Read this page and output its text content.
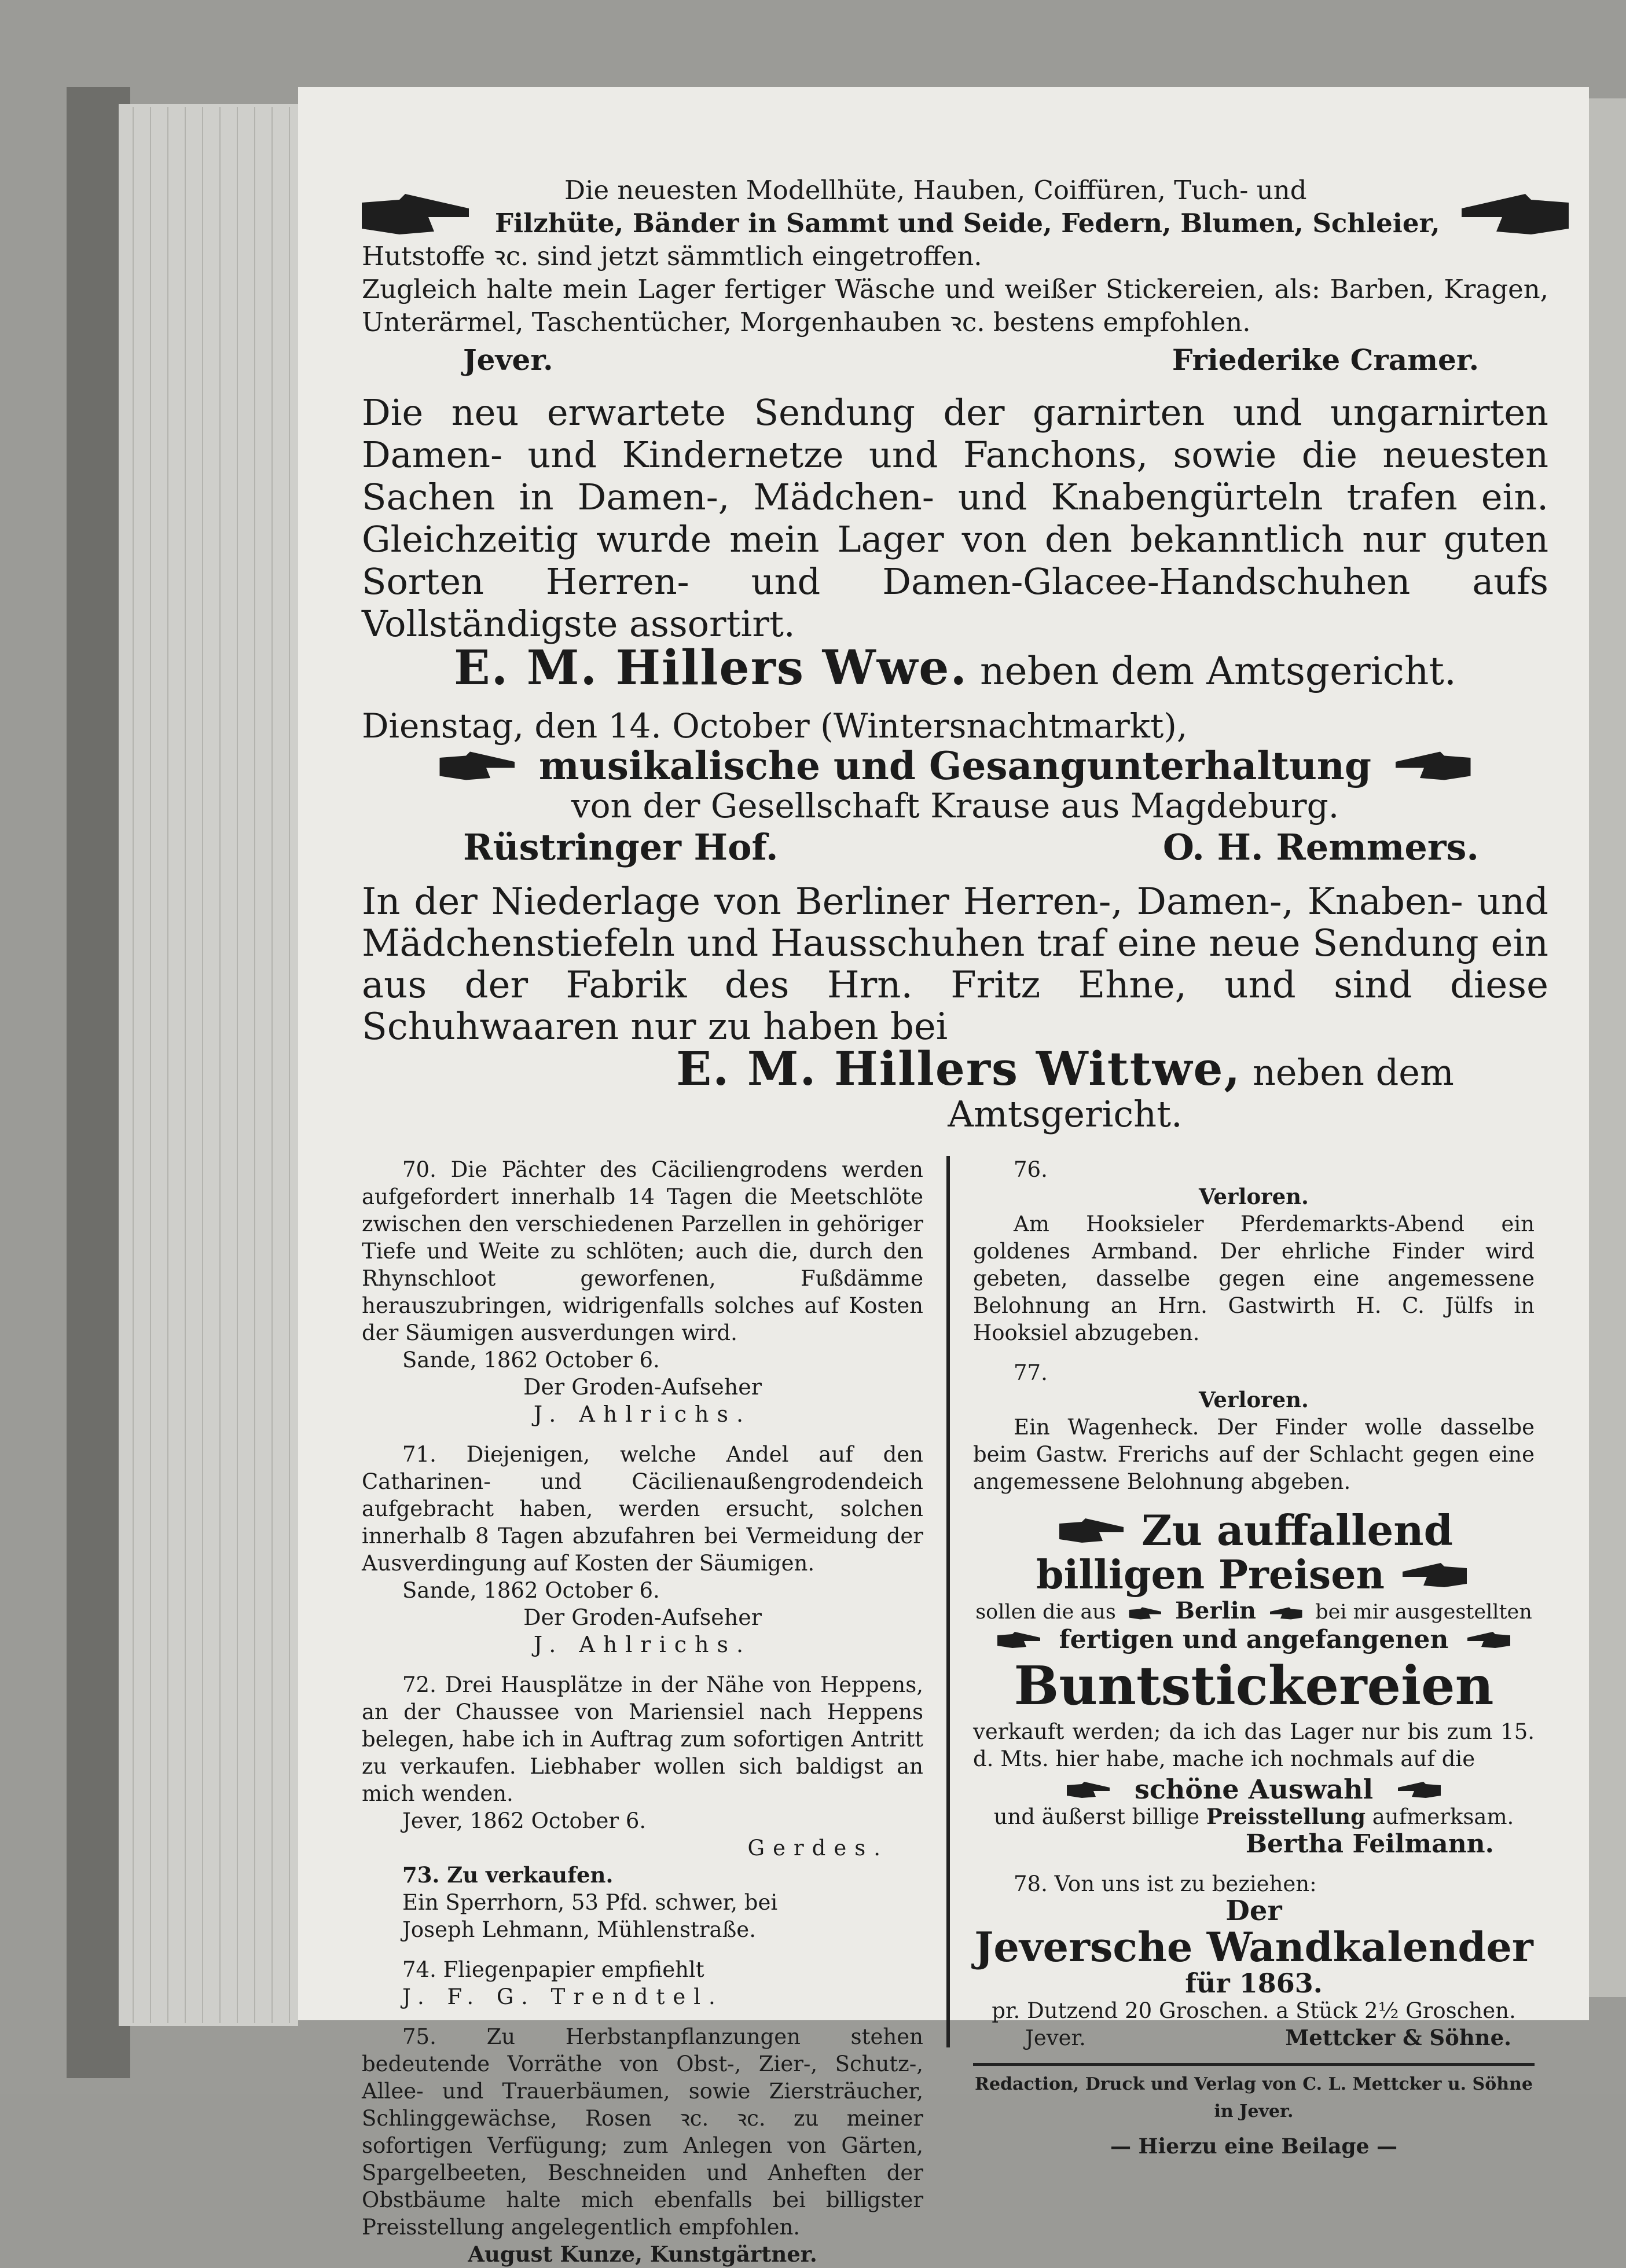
Die neuesten Modellhüte, Hauben, Coiffüren, Tuch- und
Filzhüte, Bänder in Sammt und Seide, Federn, Blumen, Schleier,
Hutstoffe ꝛc. sind jetzt sämmtlich eingetroffen.
Zugleich halte mein Lager fertiger Wäsche und weißer Stickereien, als: Barben, Kragen, Unterärmel, Taschentücher, Morgenhauben ꝛc. bestens empfohlen.
Jever.	Friederike Cramer.
Die neu erwartete Sendung der garnirten und ungarnirten Damen- und Kindernetze und Fanchons, sowie die neuesten Sachen in Damen-, Mädchen- und Knabengürteln trafen ein. Gleichzeitig wurde mein Lager von den bekanntlich nur guten Sorten Herren- und Damen-Glacee-Handschuhen aufs Vollständigste assortirt.
E. M. Hillers Wwe. neben dem Amtsgericht.
Dienstag, den 14. October (Wintersnachtmarkt),
musikalische und Gesangunterhaltung
von der Gesellschaft Krause aus Magdeburg.
Rüstringer Hof.	O. H. Remmers.
In der Niederlage von Berliner Herren-, Damen-, Knaben- und Mädchenstiefeln und Hausschuhen traf eine neue Sendung ein aus der Fabrik des Hrn. Fritz Ehne, und sind diese Schuhwaaren nur zu haben bei
E. M. Hillers Wittwe, neben dem Amtsgericht.
70. Die Pächter des Cäciliengrodens werden aufgefordert innerhalb 14 Tagen die Meetschlöte zwischen den verschiedenen Parzellen in gehöriger Tiefe und Weite zu schlöten; auch die, durch den Rhynschloot geworfenen, Fußdämme herauszubringen, widrigenfalls solches auf Kosten der Säumigen ausverdungen wird.
Sande, 1862 October 6.
Der Groden-Aufseher
J. Ahlrichs.
71. Diejenigen, welche Andel auf den Catharinen- und Cäcilienaußengrodendeich aufgebracht haben, werden ersucht, solchen innerhalb 8 Tagen abzufahren bei Vermeidung der Ausverdingung auf Kosten der Säumigen.
Sande, 1862 October 6.
Der Groden-Aufseher
J. Ahlrichs.
72. Drei Hausplätze in der Nähe von Heppens, an der Chaussee von Mariensiel nach Heppens belegen, habe ich in Auftrag zum sofortigen Antritt zu verkaufen. Liebhaber wollen sich baldigst an mich wenden.
Jever, 1862 October 6.
Gerdes.
73. Zu verkaufen.
Ein Sperrhorn, 53 Pfd. schwer, bei
Joseph Lehmann, Mühlenstraße.
74. Fliegenpapier empfiehlt
J. F. G. Trendtel.
75. Zu Herbstanpflanzungen stehen bedeutende Vorräthe von Obst-, Zier-, Schutz-, Allee- und Trauerbäumen, sowie Ziersträucher, Schlinggewächse, Rosen ꝛc. ꝛc. zu meiner sofortigen Verfügung; zum Anlegen von Gärten, Spargelbeeten, Beschneiden und Anheften der Obstbäume halte mich ebenfalls bei billigster Preisstellung angelegentlich empfohlen.
August Kunze, Kunstgärtner.
76.
Verloren.
Am Hooksieler Pferdemarkts-Abend ein goldenes Armband. Der ehrliche Finder wird gebeten, dasselbe gegen eine angemessene Belohnung an Hrn. Gastwirth H. C. Jülfs in Hooksiel abzugeben.
77.
Verloren.
Ein Wagenheck. Der Finder wolle dasselbe beim Gastw. Frerichs auf der Schlacht gegen eine angemessene Belohnung abgeben.
Zu auffallend
billigen Preisen
sollen die aus	Berlin	bei mir ausgestellten
fertigen und angefangenen
Buntstickereien
verkauft werden; da ich das Lager nur bis zum 15. d. Mts. hier habe, mache ich nochmals auf die
schöne Auswahl
und äußerst billige Preisstellung aufmerksam.
Bertha Feilmann.
78. Von uns ist zu beziehen:
Der
Jeversche Wandkalender
für 1863.
pr. Dutzend 20 Groschen. a Stück 2½ Groschen.
Jever.	Mettcker & Söhne.
Redaction, Druck und Verlag von C. L. Mettcker u. Söhne in Jever.
— Hierzu eine Beilage —
